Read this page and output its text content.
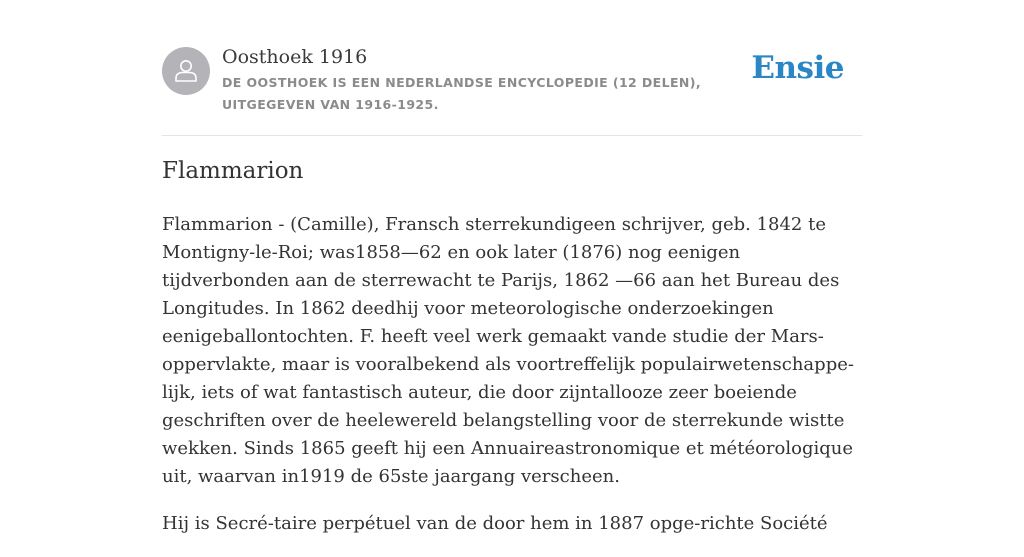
Oosthoek 1916

DE OOSTHOEK IS EEN NEDERLANDSE ENCYCLOPEDIE (12 DELEN), UITGEGEVEN VAN 1916-1925.

Ensie
Flammarion

Flammarion - (Camille), Fransch sterrekundigeen schrijver, geb. 1842 te Montigny-le-Roi; was1858—62 en ook later (1876) nog eenigen tijdverbonden aan de sterrewacht te Parijs, 1862 —66 aan het Bureau des Longitudes. In 1862 deedhij voor meteorologische onderzoekingen eenigeballontochten. F. heeft veel werk gemaakt vande studie der Mars-oppervlakte, maar is vooralbekend als voortreffelijk populairwetenschappe-lijk, iets of wat fantastisch auteur, die door zijntallooze zeer boeiende geschriften over de heelewereld belangstelling voor de sterrekunde wistte wekken. Sinds 1865 geeft hij een Annuaireastronomique et météorologique uit, waarvan in1919 de 65ste jaargang verscheen.

Hij is Secré-taire perpétuel van de door hem in 1887 opge-richte Société
